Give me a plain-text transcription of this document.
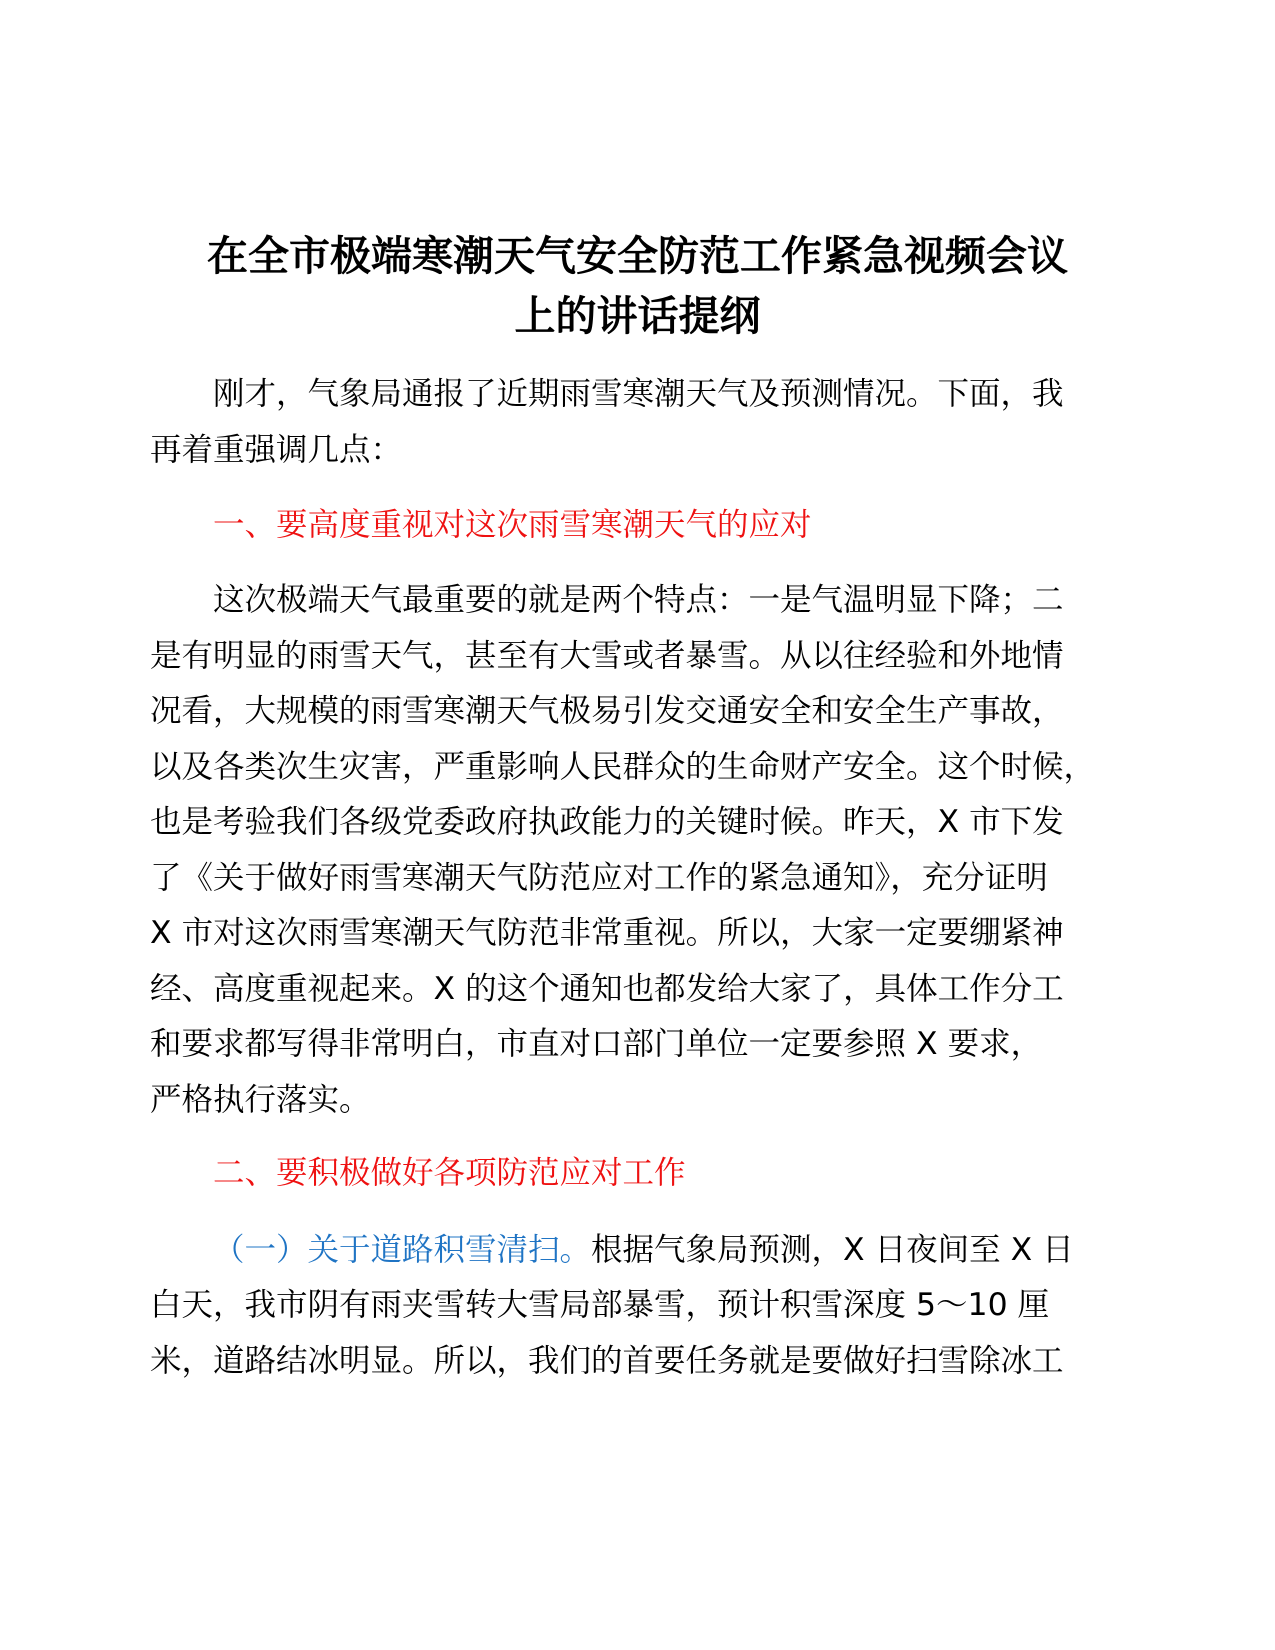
在全市极端寒潮天气安全防范工作紧急视频会议
上的讲话提纲
刚才，气象局通报了近期雨雪寒潮天气及预测情况。下面，我
再着重强调几点：
一、要高度重视对这次雨雪寒潮天气的应对
这次极端天气最重要的就是两个特点：一是气温明显下降；二
是有明显的雨雪天气，甚至有大雪或者暴雪。从以往经验和外地情
况看，大规模的雨雪寒潮天气极易引发交通安全和安全生产事故，
以及各类次生灾害，严重影响人民群众的生命财产安全。这个时候，
也是考验我们各级党委政府执政能力的关键时候。昨天，X 市下发
了《关于做好雨雪寒潮天气防范应对工作的紧急通知》，充分证明
X 市对这次雨雪寒潮天气防范非常重视。所以，大家一定要绷紧神
经、高度重视起来。X 的这个通知也都发给大家了，具体工作分工
和要求都写得非常明白，市直对口部门单位一定要参照 X 要求，
严格执行落实。
二、要积极做好各项防范应对工作
（一）关于道路积雪清扫。根据气象局预测，X 日夜间至 X 日
白天，我市阴有雨夹雪转大雪局部暴雪，预计积雪深度 5～10 厘
米，道路结冰明显。所以，我们的首要任务就是要做好扫雪除冰工
